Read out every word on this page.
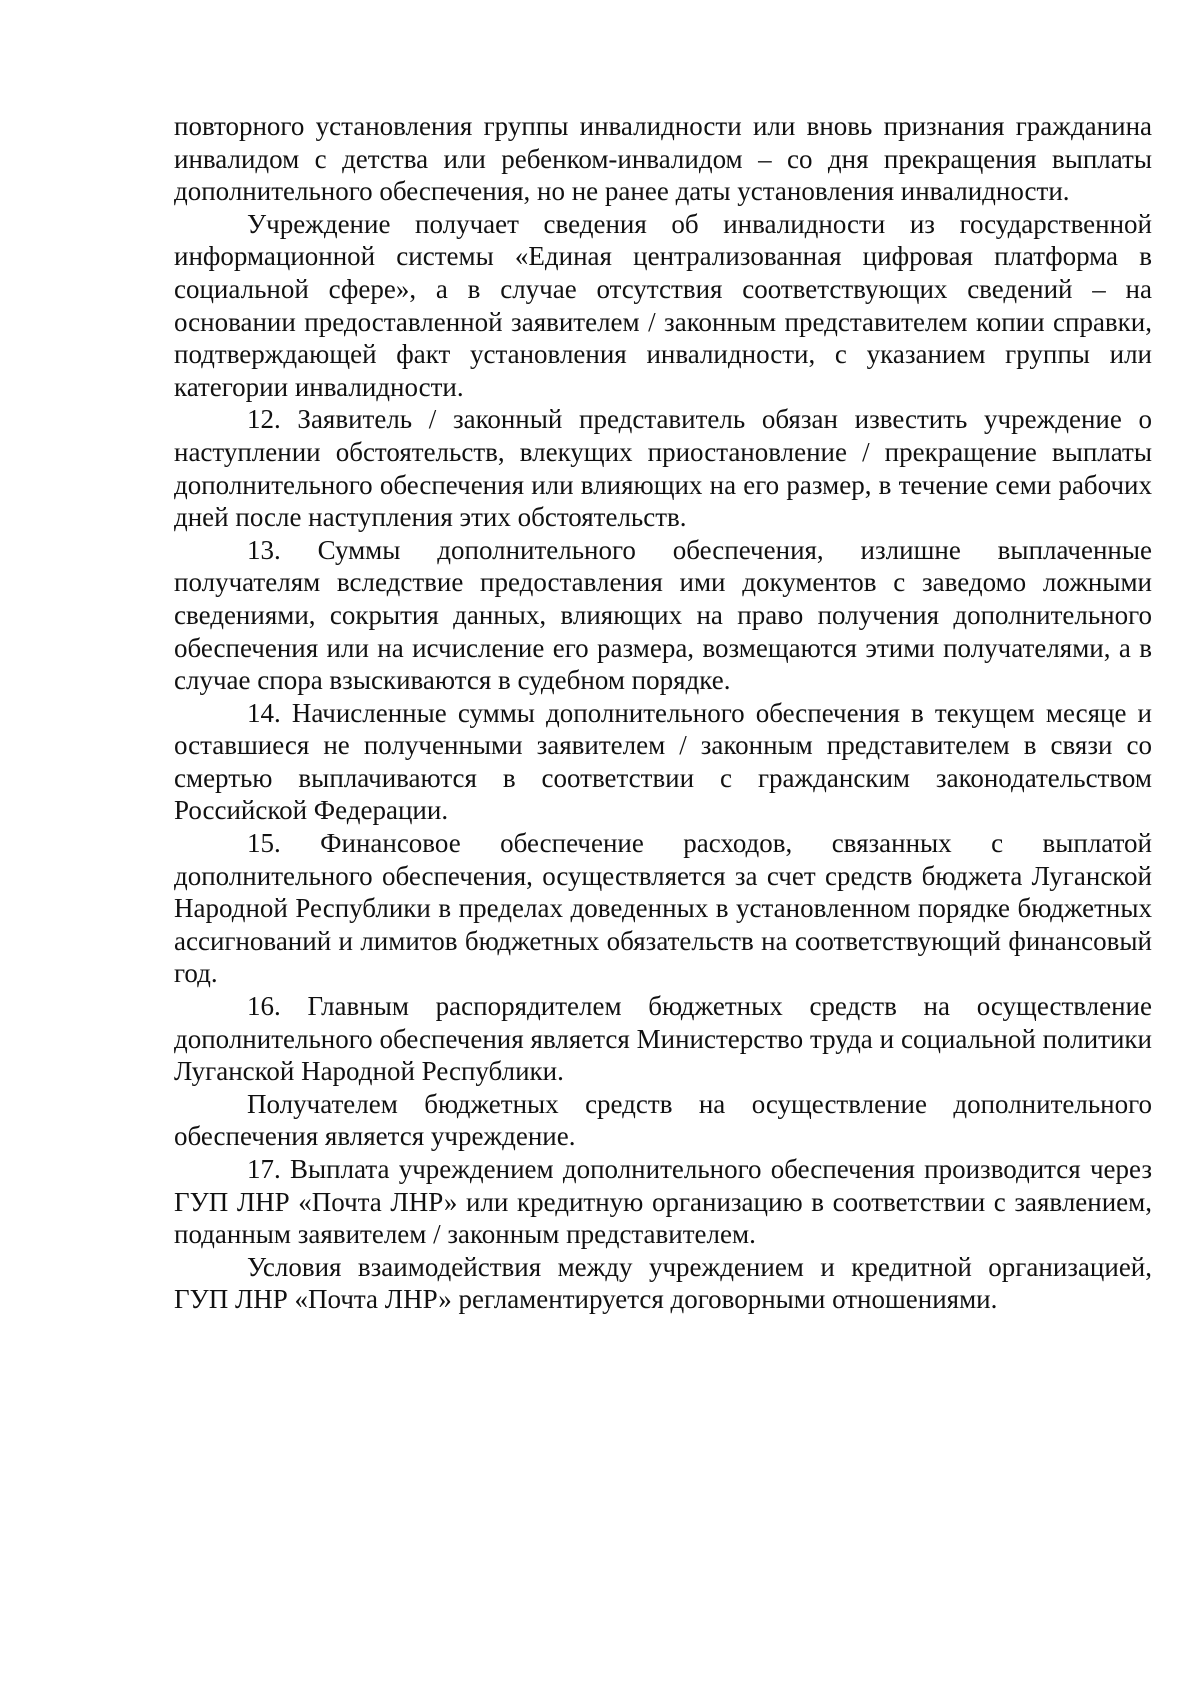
повторного установления группы инвалидности или вновь признания гражданина инвалидом с детства или ребенком-инвалидом – со дня прекращения выплаты дополнительного обеспечения, но не ранее даты установления инвалидности.

Учреждение получает сведения об инвалидности из государственной информационной системы «Единая централизованная цифровая платформа в социальной сфере», а в случае отсутствия соответствующих сведений – на основании предоставленной заявителем / законным представителем копии справки, подтверждающей факт установления инвалидности, с указанием группы или категории инвалидности.

12. Заявитель / законный представитель обязан известить учреждение о наступлении обстоятельств, влекущих приостановление / прекращение выплаты дополнительного обеспечения или влияющих на его размер, в течение семи рабочих дней после наступления этих обстоятельств.

13. Суммы дополнительного обеспечения, излишне выплаченные получателям вследствие предоставления ими документов с заведомо ложными сведениями, сокрытия данных, влияющих на право получения дополнительного обеспечения или на исчисление его размера, возмещаются этими получателями, а в случае спора взыскиваются в судебном порядке.

14. Начисленные суммы дополнительного обеспечения в текущем месяце и оставшиеся не полученными заявителем / законным представителем в связи со смертью выплачиваются в соответствии с гражданским законодательством Российской Федерации.

15. Финансовое обеспечение расходов, связанных с выплатой дополнительного обеспечения, осуществляется за счет средств бюджета Луганской Народной Республики в пределах доведенных в установленном порядке бюджетных ассигнований и лимитов бюджетных обязательств на соответствующий финансовый год.

16. Главным распорядителем бюджетных средств на осуществление дополнительного обеспечения является Министерство труда и социальной политики Луганской Народной Республики.

Получателем бюджетных средств на осуществление дополнительного обеспечения является учреждение.

17. Выплата учреждением дополнительного обеспечения производится через ГУП ЛНР «Почта ЛНР» или кредитную организацию в соответствии с заявлением, поданным заявителем / законным представителем.

Условия взаимодействия между учреждением и кредитной организацией, ГУП ЛНР «Почта ЛНР» регламентируется договорными отношениями.
